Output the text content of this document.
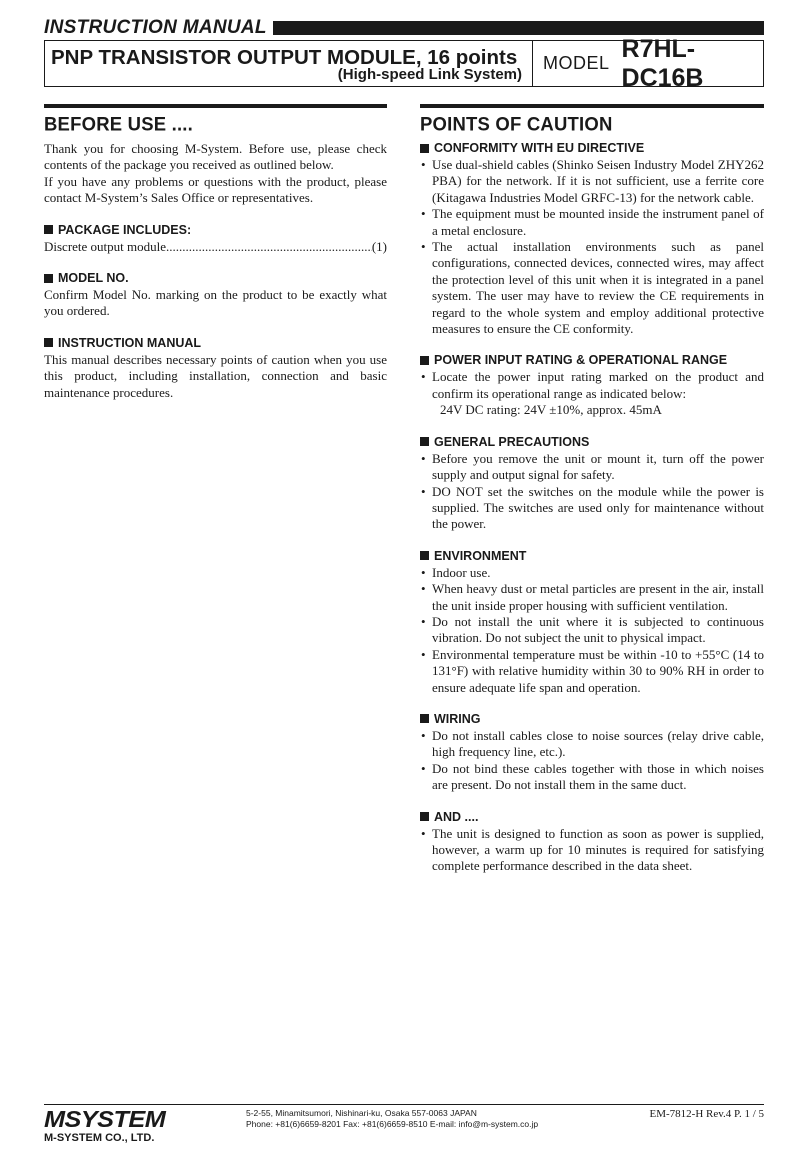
INSTRUCTION MANUAL
PNP TRANSISTOR OUTPUT MODULE, 16 points
(High-speed Link System)
MODEL
R7HL-DC16B
BEFORE USE ....

Thank you for choosing M-System. Before use, please check contents of the package you received as outlined below.

If you have any problems or questions with the product, please contact M-System’s Sales Office or representatives.

PACKAGE INCLUDES:
Discrete output module
.....	(1)
MODEL NO.

Confirm Model No. marking on the product to be exactly what you ordered.

INSTRUCTION MANUAL

This manual describes necessary points of caution when you use this product, including installation, connection and basic maintenance procedures.

POINTS OF CAUTION
CONFORMITY WITH EU DIRECTIVE
• Use dual-shield cables (Shinko Seisen Industry Model ZHY262 PBA) for the network. If it is not sufficient, use a ferrite core (Kitagawa Industries Model GRFC-13) for the network cable.
• The equipment must be mounted inside the instrument panel of a metal enclosure.
• The actual installation environments such as panel configurations, connected devices, connected wires, may affect the protection level of this unit when it is integrated in a panel system. The user may have to review the CE requirements in regard to the whole system and employ additional protective measures to ensure the CE conformity.
POWER INPUT RATING & OPERATIONAL RANGE
• Locate the power input rating marked on the product and confirm its operational range as indicated below:
24V DC rating: 24V ±10%, approx. 45mA
GENERAL PRECAUTIONS
• Before you remove the unit or mount it, turn off the power supply and output signal for safety.
• DO NOT set the switches on the module while the power is supplied. The switches are used only for maintenance without the power.
ENVIRONMENT
• Indoor use.
• When heavy dust or metal particles are present in the air, install the unit inside proper housing with sufficient ventilation.
• Do not install the unit where it is subjected to continuous vibration. Do not subject the unit to physical impact.
• Environmental temperature must be within -10 to +55°C (14 to 131°F) with relative humidity within 30 to 90% RH in order to ensure adequate life span and operation.
WIRING
• Do not install cables close to noise sources (relay drive cable, high frequency line, etc.).
• Do not bind these cables together with those in which noises are present. Do not install them in the same duct.
AND ....
• The unit is designed to function as soon as power is supplied, however, a warm up for 10 minutes is required for satisfying complete performance described in the data sheet.
MSYSTEM
M-SYSTEM CO., LTD.
5-2-55, Minamitsumori, Nishinari-ku, Osaka 557-0063 JAPAN
Phone: +81(6)6659-8201 Fax: +81(6)6659-8510 E-mail: info@m-system.co.jp
EM-7812-H Rev.4 P. 1 / 5
